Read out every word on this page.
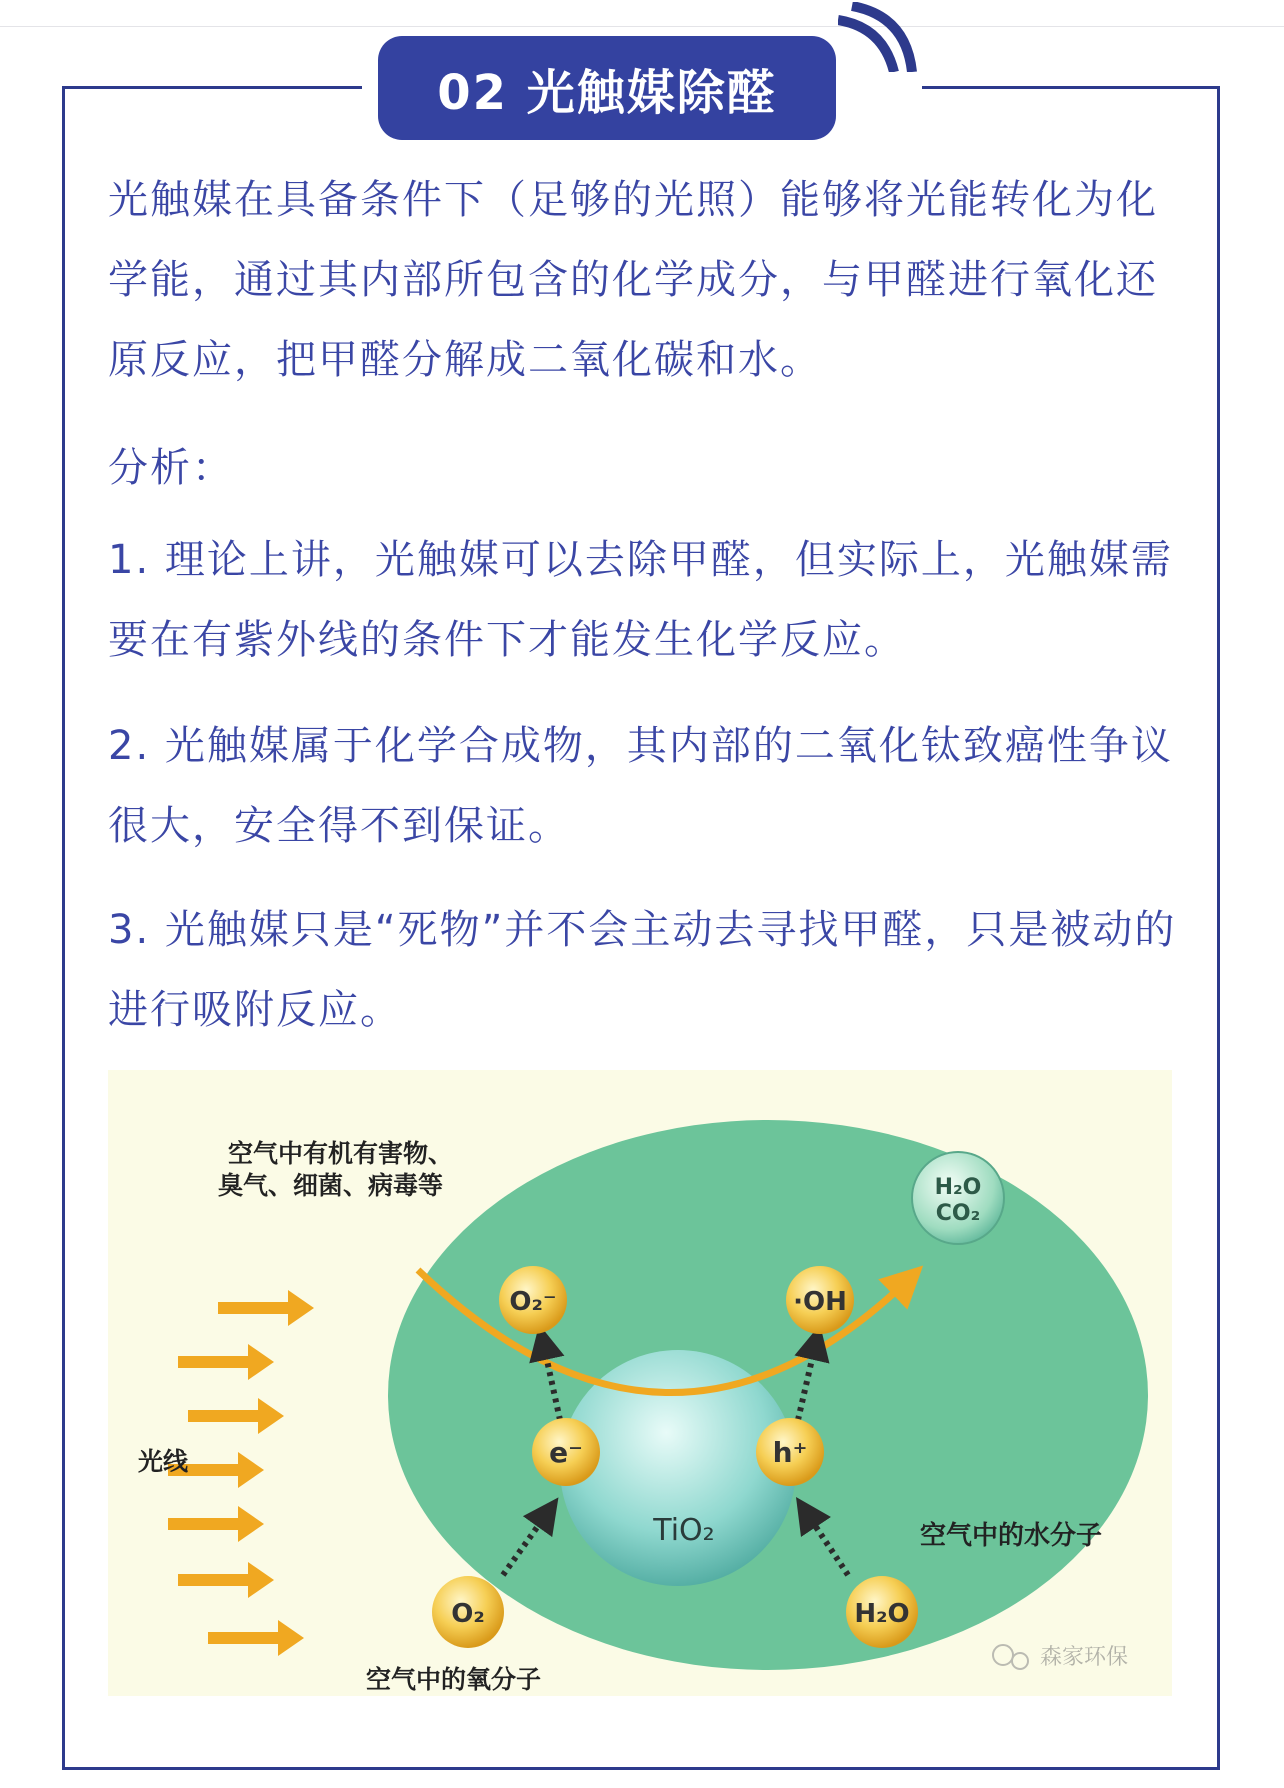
02 光触媒除醛

光触媒在具备条件下（足够的光照）能够将光能转化为化学能，通过其内部所包含的化学成分，与甲醛进行氧化还原反应，把甲醛分解成二氧化碳和水。

分析：

1. 理论上讲，光触媒可以去除甲醛，但实际上，光触媒需要在有紫外线的条件下才能发生化学反应。

2. 光触媒属于化学合成物，其内部的二氧化钛致癌性争议很大，安全得不到保证。

3. 光触媒只是“死物”并不会主动去寻找甲醛，只是被动的进行吸附反应。

空气中有机有害物、
臭气、细菌、病毒等
光线
O₂⁻	·OH
H₂O
CO₂
e⁻	h⁺
TiO₂	空气中的水分子
O₂	H₂O
空气中的氧分子
森家环保
